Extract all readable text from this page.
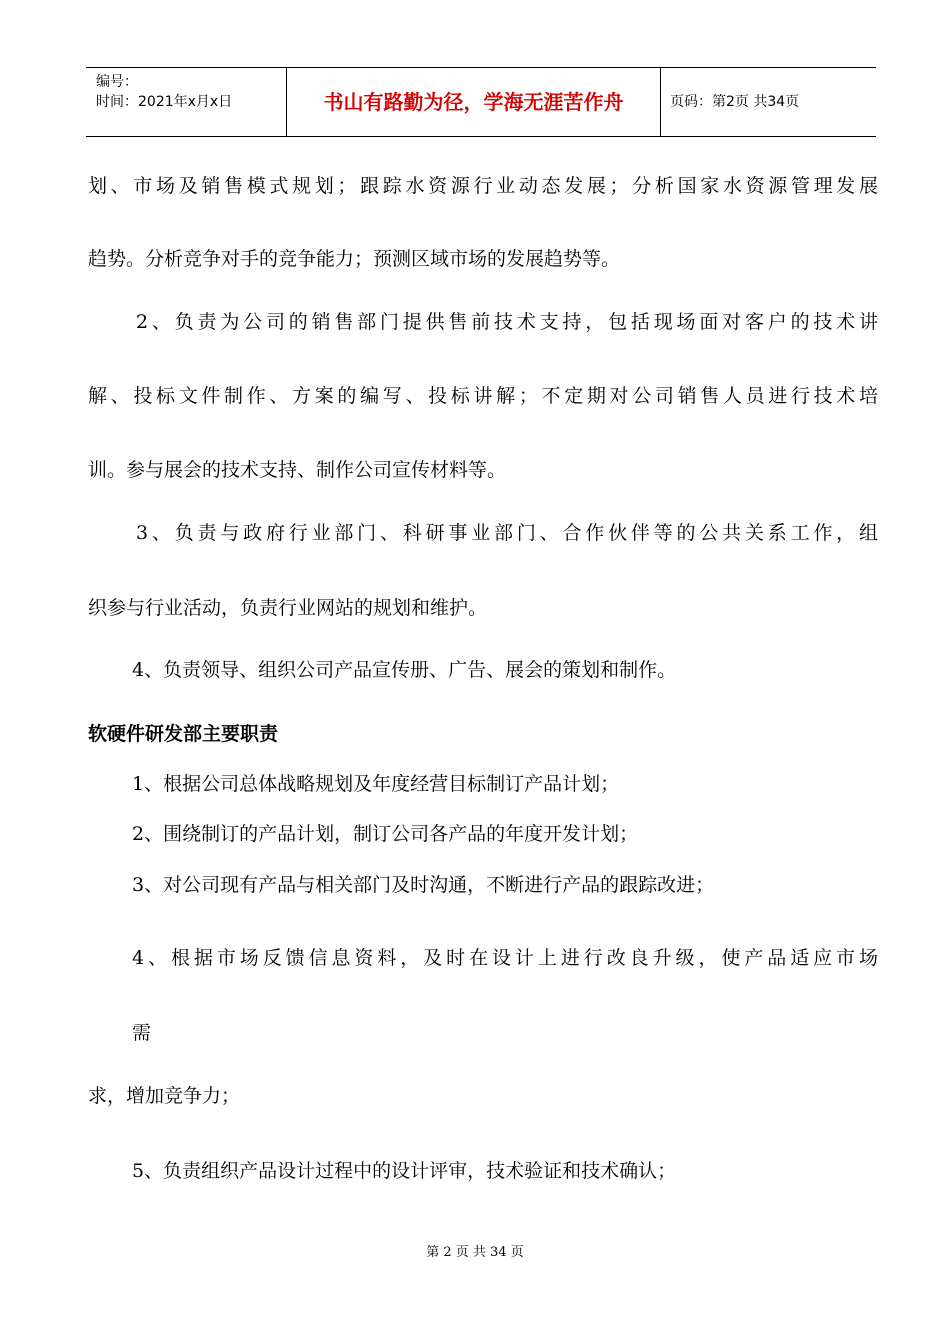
编号：
时间：2021年x月x日	书山有路勤为径，学海无涯苦作舟	页码：第2页 共34页
划、市场及销售模式规划；跟踪水资源行业动态发展；分析国家水资源管理发展
趋势。分析竞争对手的竞争能力；预测区域市场的发展趋势等。
2、负责为公司的销售部门提供售前技术支持，包括现场面对客户的技术讲
解、投标文件制作、方案的编写、投标讲解；不定期对公司销售人员进行技术培
训。参与展会的技术支持、制作公司宣传材料等。
3、负责与政府行业部门、科研事业部门、合作伙伴等的公共关系工作，组
织参与行业活动，负责行业网站的规划和维护。
4、负责领导、组织公司产品宣传册、广告、展会的策划和制作。
软硬件研发部主要职责
1、根据公司总体战略规划及年度经营目标制订产品计划；
2、围绕制订的产品计划，制订公司各产品的年度开发计划；
3、对公司现有产品与相关部门及时沟通，不断进行产品的跟踪改进；
4、根据市场反馈信息资料，及时在设计上进行改良升级，使产品适应市场
需
求，增加竞争力；
5、负责组织产品设计过程中的设计评审，技术验证和技术确认；
第 2 页 共 34 页
